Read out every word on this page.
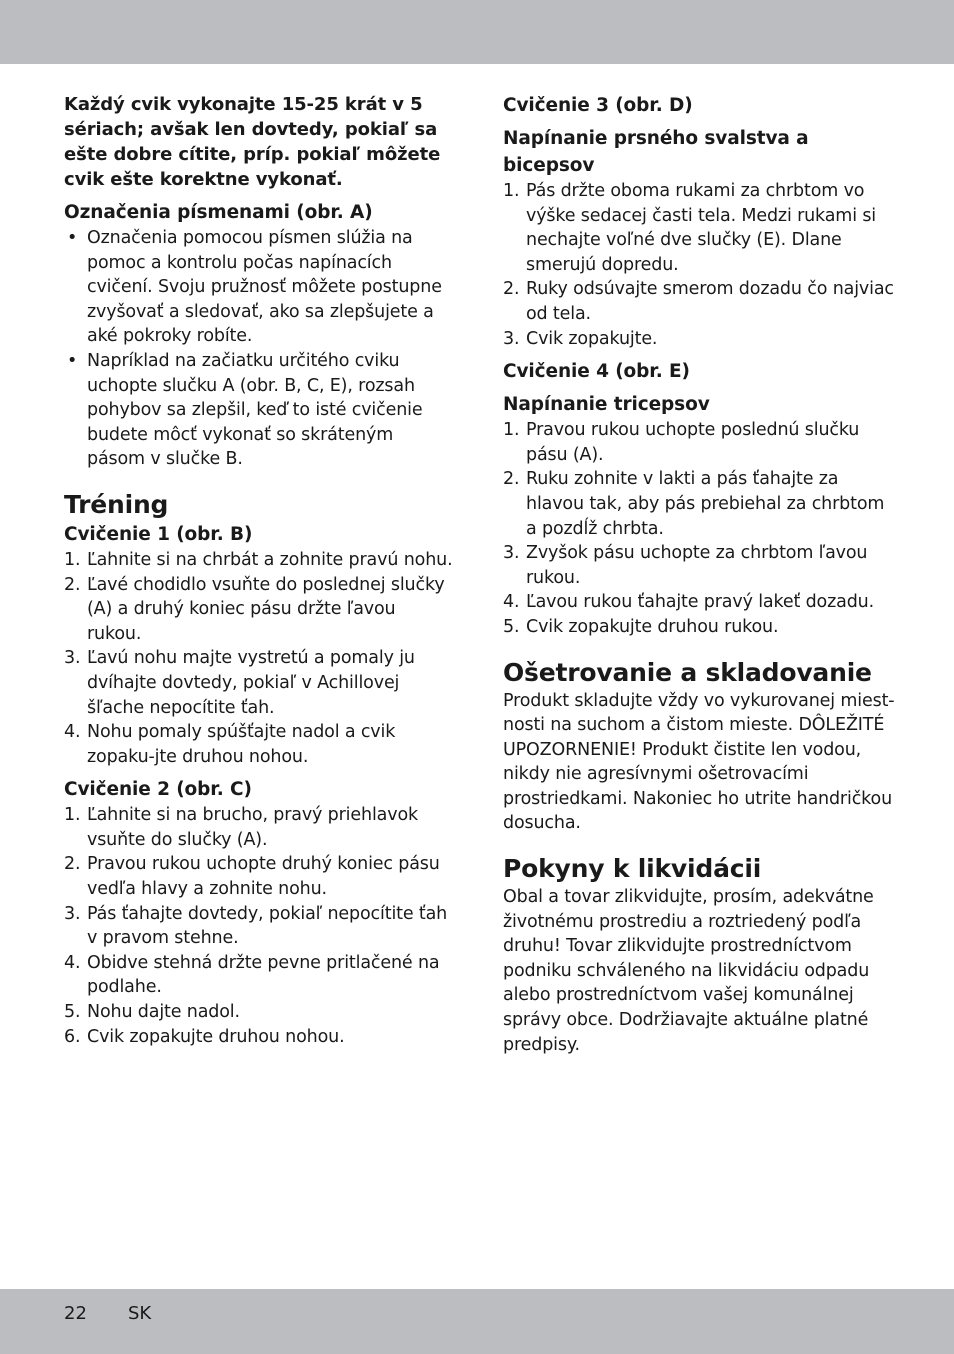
Každý cvik vykonajte 15-25 krát v 5 sériach; avšak len dovtedy, pokiaľ sa ešte dobre cítite, príp. pokiaľ môžete cvik ešte korektne vykonať.

Označenia písmenami (obr. A)
• Označenia pomocou písmen slúžia na pomoc a kontrolu počas napínacích cvičení. Svoju pružnosť môžete postupne zvyšovať a sledovať, ako sa zlepšujete a aké pokroky robíte.
• Napríklad na začiatku určitého cviku uchopte slučku A (obr. B, C, E), rozsah pohybov sa zlepšil, keď to isté cvičenie budete môcť vykonať so skráteným pásom v slučke B.
Tréning
Cvičenie 1 (obr. B)
1. Ľahnite si na chrbát a zohnite pravú nohu.
2. Ľavé chodidlo vsuňte do poslednej slučky (A) a druhý koniec pásu držte ľavou rukou.
3. Ľavú nohu majte vystretú a pomaly ju dvíhajte dovtedy, pokiaľ v Achillovej šľache nepocítite ťah.
4. Nohu pomaly spúšťajte nadol a cvik zopaku-jte druhou nohou.
Cvičenie 2 (obr. C)
1. Ľahnite si na brucho, pravý priehlavok vsuňte do slučky (A).
2. Pravou rukou uchopte druhý koniec pásu vedľa hlavy a zohnite nohu.
3. Pás ťahajte dovtedy, pokiaľ nepocítite ťah v pravom stehne.
4. Obidve stehná držte pevne pritlačené na podlahe.
5. Nohu dajte nadol.
6. Cvik zopakujte druhou nohou.
Cvičenie 3 (obr. D)
Napínanie prsného svalstva a bicepsov
1. Pás držte oboma rukami za chrbtom vo výške sedacej časti tela. Medzi rukami si nechajte voľné dve slučky (E). Dlane smerujú dopredu.
2. Ruky odsúvajte smerom dozadu čo najviac od tela.
3. Cvik zopakujte.
Cvičenie 4 (obr. E)
Napínanie tricepsov
1. Pravou rukou uchopte poslednú slučku pásu (A).
2. Ruku zohnite v lakti a pás ťahajte za hlavou tak, aby pás prebiehal za chrbtom a pozdĺž chrbta.
3. Zvyšok pásu uchopte za chrbtom ľavou rukou.
4. Ľavou rukou ťahajte pravý lakeť dozadu.
5. Cvik zopakujte druhou rukou.
Ošetrovanie a skladovanie

Produkt skladujte vždy vo vykurovanej miest-nosti na suchom a čistom mieste. DÔLEŽITÉ UPOZORNENIE! Produkt čistite len vodou, nikdy nie agresívnymi ošetrovacími prostriedkami. Nakoniec ho utrite handričkou dosucha.

Pokyny k likvidácii

Obal a tovar zlikvidujte, prosím, adekvátne životnému prostrediu a roztriedený podľa druhu! Tovar zlikvidujte prostredníctvom podniku schváleného na likvidáciu odpadu alebo prostredníctvom vašej komunálnej správy obce. Dodržiavajte aktuálne platné predpisy.

22 SK
